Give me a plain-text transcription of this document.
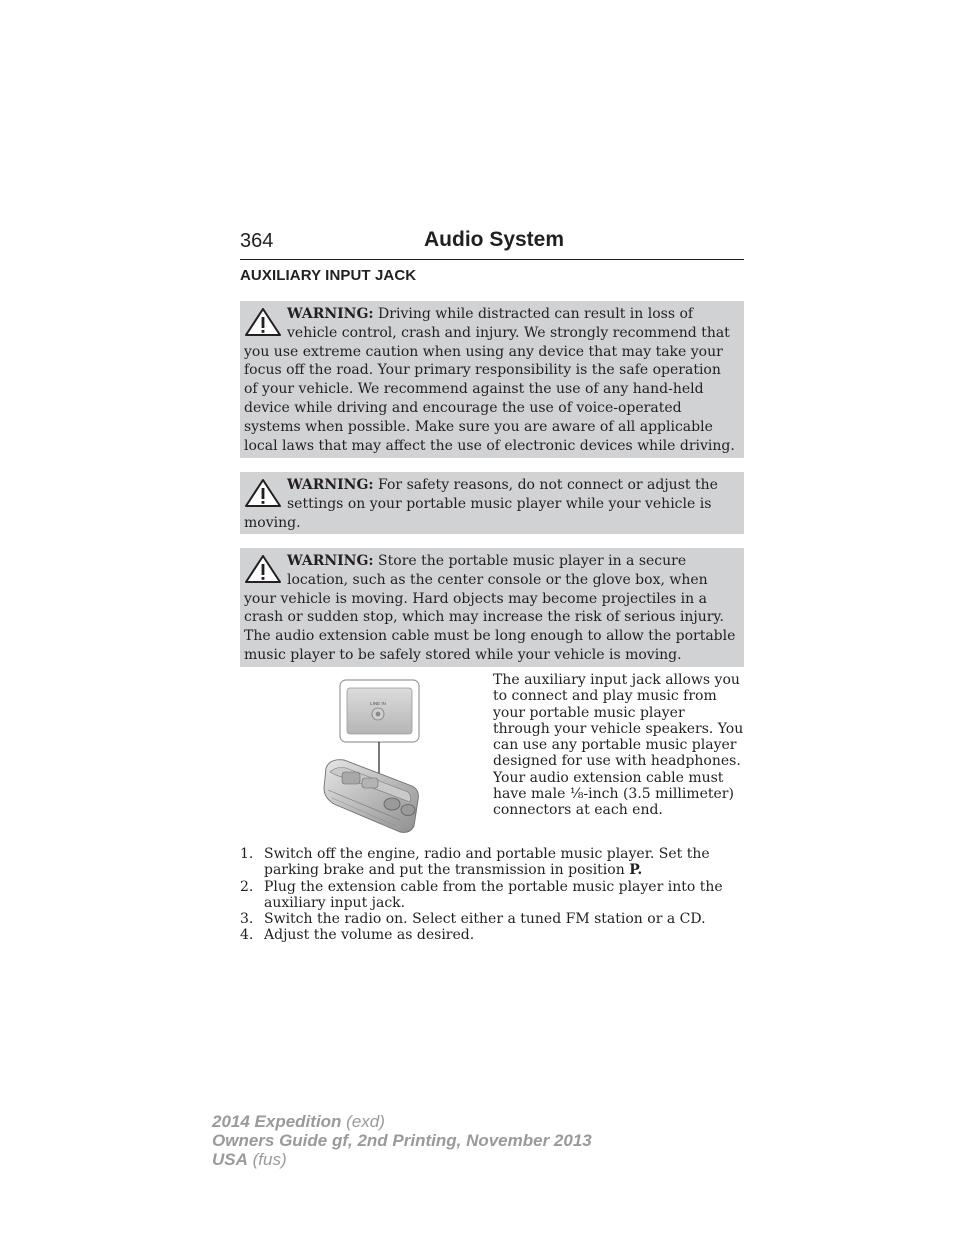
364	Audio System
AUXILIARY INPUT JACK
WARNING: Driving while distracted can result in loss of vehicle control, crash and injury. We strongly recommend that you use extreme caution when using any device that may take your focus off the road. Your primary responsibility is the safe operation of your vehicle. We recommend against the use of any hand-held device while driving and encourage the use of voice-operated systems when possible. Make sure you are aware of all applicable local laws that may affect the use of electronic devices while driving.
WARNING: For safety reasons, do not connect or adjust the settings on your portable music player while your vehicle is moving.
WARNING: Store the portable music player in a secure location, such as the center console or the glove box, when your vehicle is moving. Hard objects may become projectiles in a crash or sudden stop, which may increase the risk of serious injury. The audio extension cable must be long enough to allow the portable music player to be safely stored while your vehicle is moving.
LINE IN

The auxiliary input jack allows you to connect and play music from your portable music player through your vehicle speakers. You can use any portable music player designed for use with headphones. Your audio extension cable must have male ⅛-inch (3.5 millimeter) connectors at each end.

1. Switch off the engine, radio and portable music player. Set the parking brake and put the transmission in position P.
2. Plug the extension cable from the portable music player into the auxiliary input jack.
3. Switch the radio on. Select either a tuned FM station or a CD.
4. Adjust the volume as desired.
2014 Expedition (exd)
Owners Guide gf, 2nd Printing, November 2013
USA (fus)
